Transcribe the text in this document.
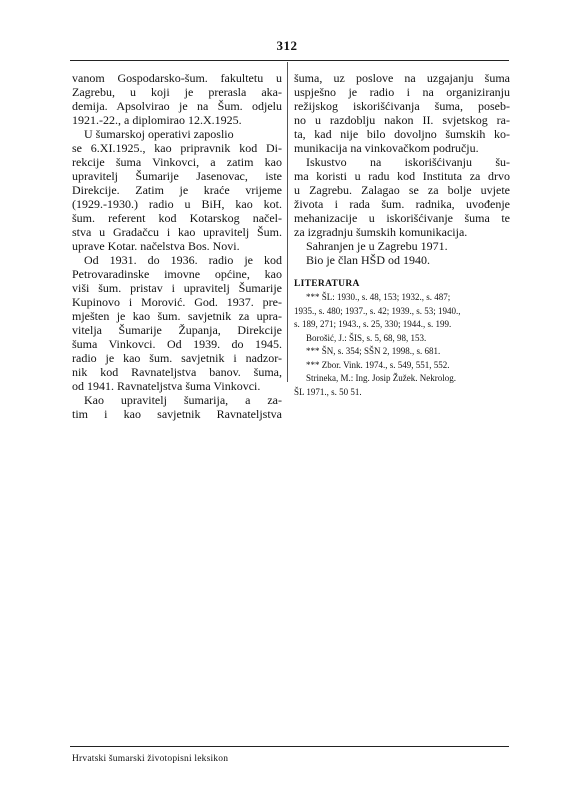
312
vanom Gospodarsko-šum. fakultetu u
Zagrebu, u koji je prerasla aka-
demija. Apsolvirao je na Šum. odjelu
1921.-22., a diplomirao 12.X.1925.
U šumarskoj operativi zaposlio
se 6.XI.1925., kao pripravnik kod Di-
rekcije šuma Vinkovci, a zatim kao
upravitelj Šumarije Jasenovac, iste
Direkcije. Zatim je kraće vrijeme
(1929.-1930.) radio u BiH, kao kot.
šum. referent kod Kotarskog načel-
stva u Gradačcu i kao upravitelj Šum.
uprave Kotar. načelstva Bos. Novi.
Od 1931. do 1936. radio je kod
Petrovaradinske imovne općine, kao
viši šum. pristav i upravitelj Šumarije
Kupinovo i Morović. God. 1937. pre-
mješten je kao šum. savjetnik za upra-
vitelja Šumarije Županja, Direkcije
šuma Vinkovci. Od 1939. do 1945.
radio je kao šum. savjetnik i nadzor-
nik kod Ravnateljstva banov. šuma,
od 1941. Ravnateljstva šuma Vinkovci.
Kao upravitelj šumarija, a za-
tim i kao savjetnik Ravnateljstva
šuma, uz poslove na uzgajanju šuma
uspješno je radio i na organiziranju
režijskog iskorišćivanja šuma, poseb-
no u razdoblju nakon II. svjetskog ra-
ta, kad nije bilo dovoljno šumskih ko-
munikacija na vinkovačkom području.
Iskustvo na iskorišćivanju šu-
ma koristi u radu kod Instituta za drvo
u Zagrebu. Zalagao se za bolje uvjete
života i rada šum. radnika, uvođenje
mehanizacije u iskorišćivanje šuma te
za izgradnju šumskih komunikacija.
Sahranjen je u Zagrebu 1971.
Bio je član HŠD od 1940.
LITERATURA
*** ŠL: 1930., s. 48, 153; 1932., s. 487;
1935., s. 480; 1937., s. 42; 1939., s. 53; 1940.,
s. 189, 271; 1943., s. 25, 330; 1944., s. 199.
Borošić, J.: ŠIS, s. 5, 68, 98, 153.
*** ŠN, s. 354; SŠN 2, 1998., s. 681.
*** Zbor. Vink. 1974., s. 549, 551, 552.
Strineka, M.: Ing. Josip Žužek. Nekrolog.
ŠL 1971., s. 50 51.
Hrvatski šumarski životopisni leksikon
